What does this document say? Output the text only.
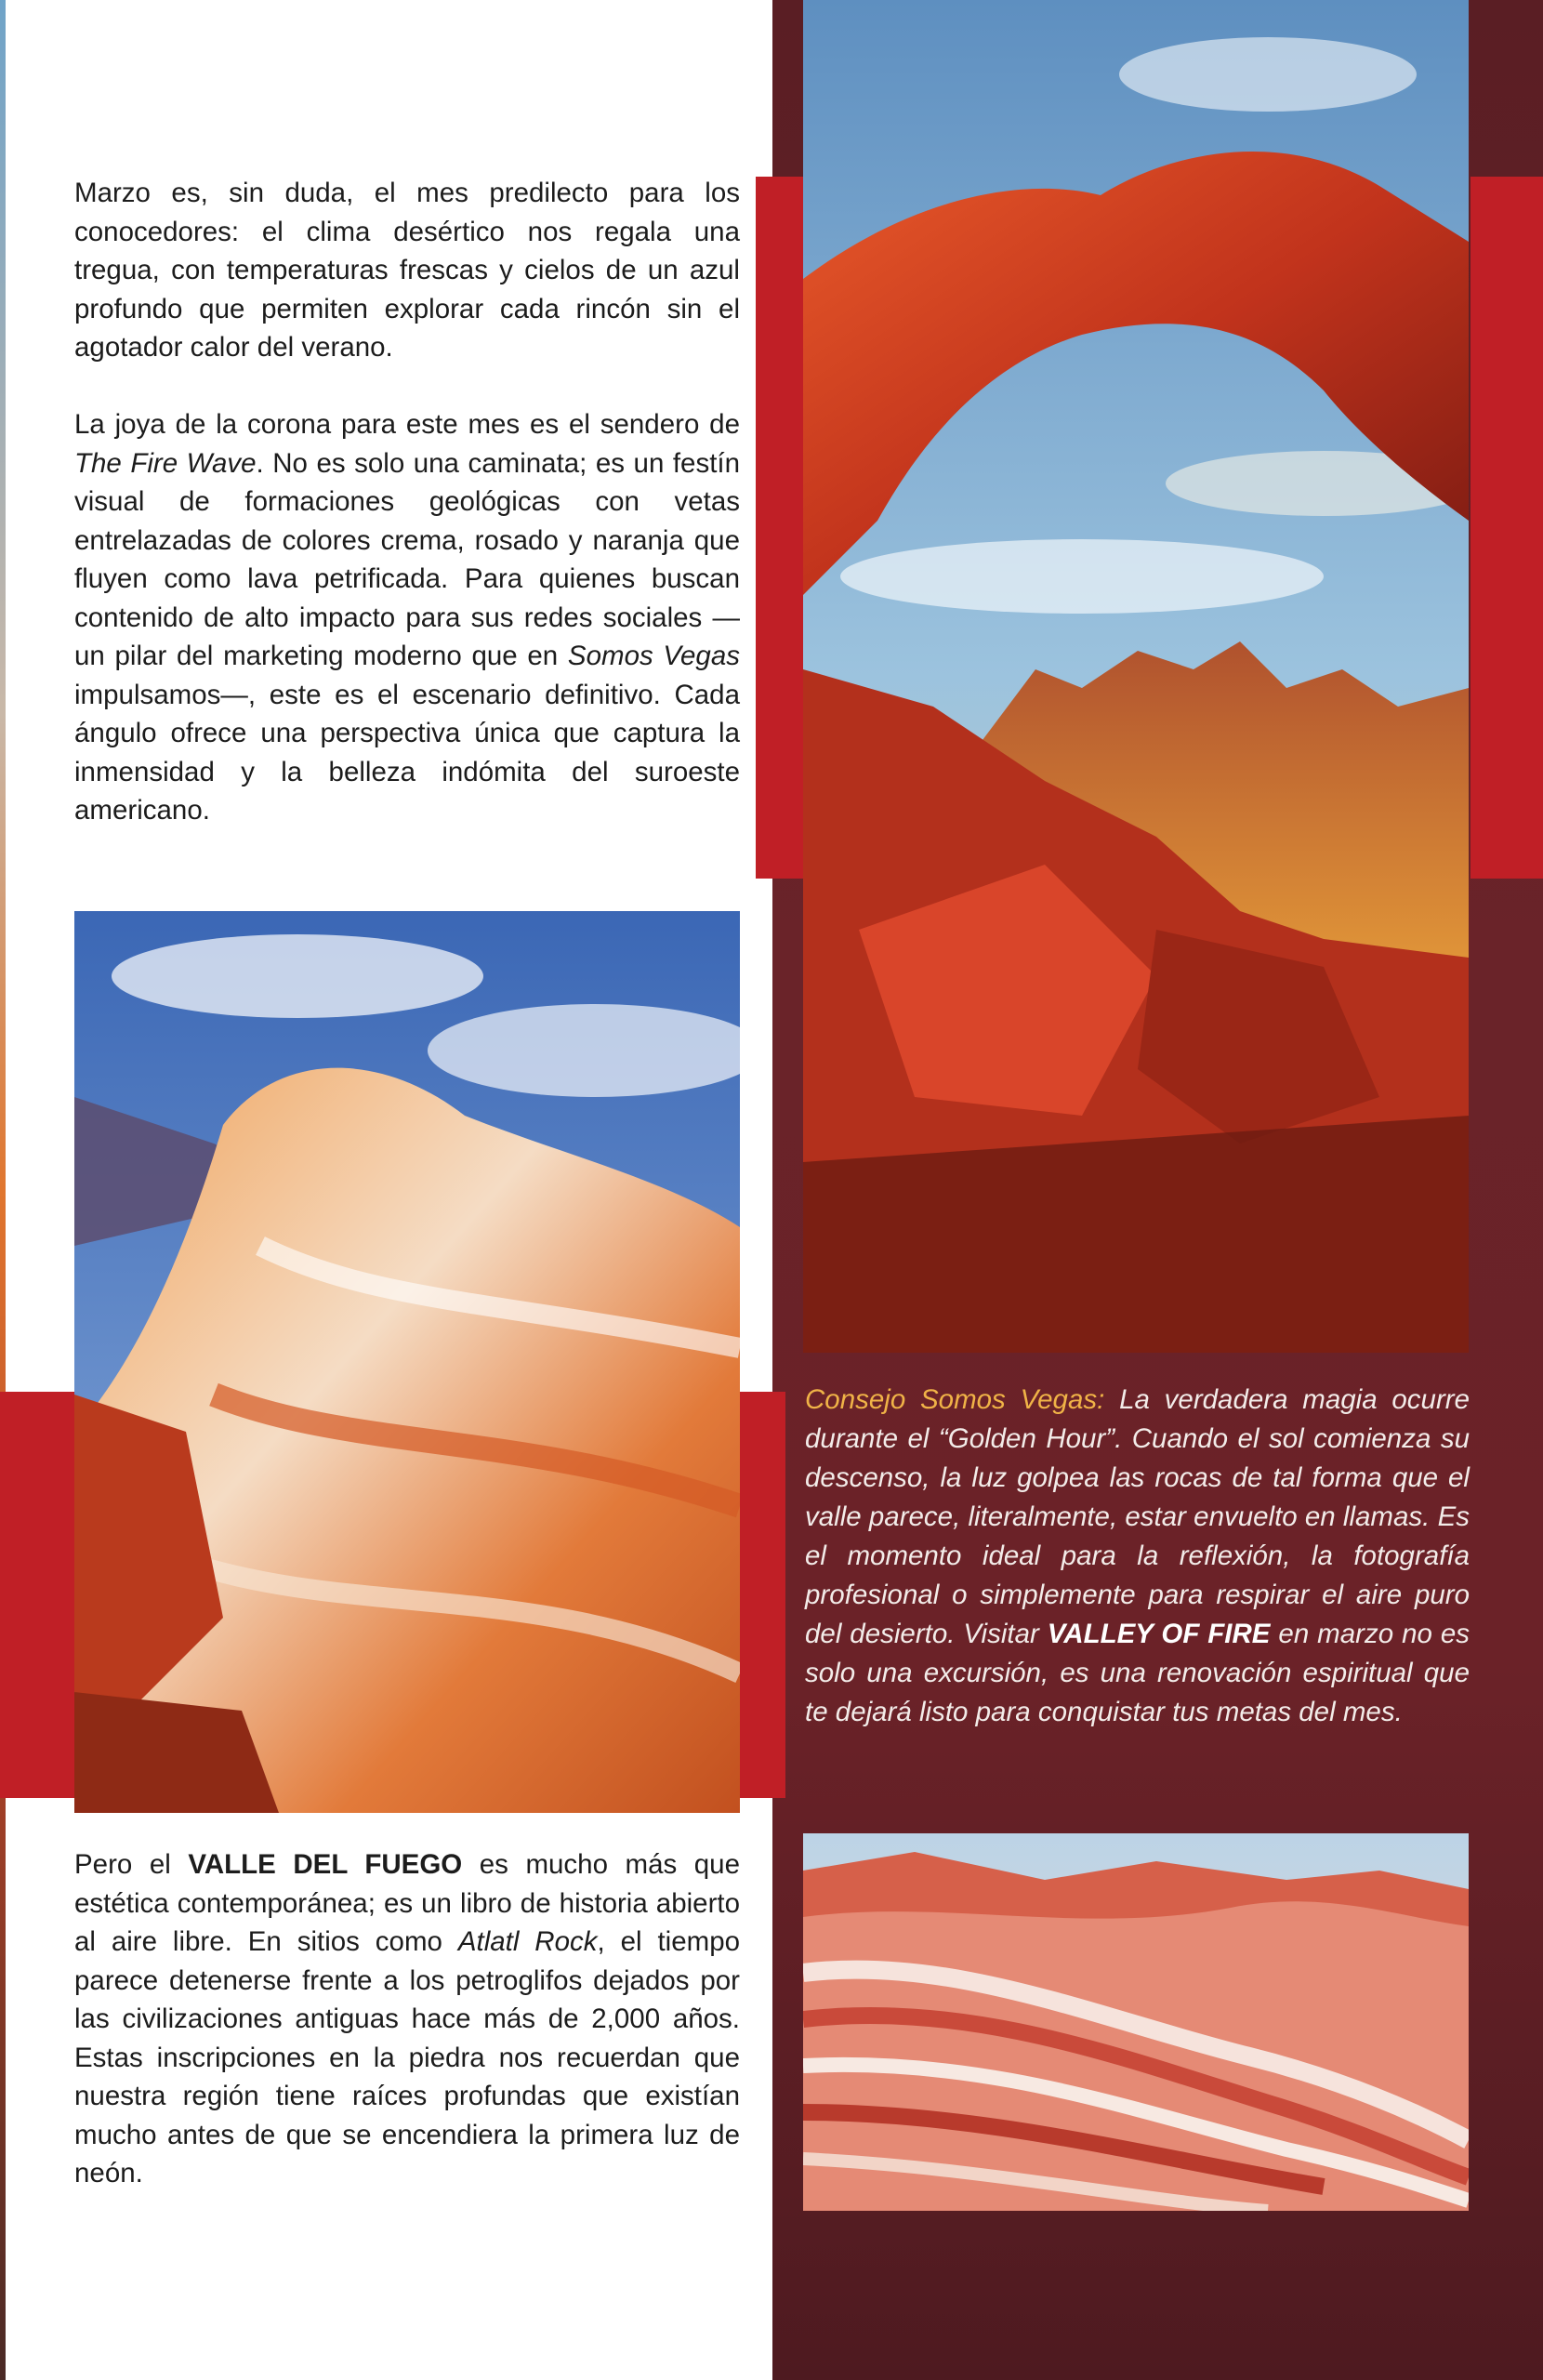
Marzo es, sin duda, el mes predilecto para los conocedores: el clima desértico nos regala una tregua, con temperaturas frescas y cielos de un azul profundo que permiten explorar cada rincón sin el agotador calor del verano.

La joya de la corona para este mes es el sendero de The Fire Wave. No es solo una caminata; es un festín visual de formaciones geológicas con vetas entrelazadas de colores crema, rosado y naranja que fluyen como lava petrificada. Para quienes buscan contenido de alto impacto para sus redes sociales —un pilar del marketing moderno que en Somos Vegas impulsamos—, este es el escenario definitivo. Cada ángulo ofrece una perspectiva única que captura la inmensidad y la belleza indómita del suroeste americano.

Consejo Somos Vegas: La verdadera magia ocurre durante el “Golden Hour”. Cuando el sol comienza su descenso, la luz golpea las rocas de tal forma que el valle parece, literalmente, estar envuelto en llamas. Es el momento ideal para la reflexión, la fotografía profesional o simplemente para respirar el aire puro del desierto. Visitar VALLEY OF FIRE en marzo no es solo una excursión, es una renovación espiritual que te dejará listo para conquistar tus metas del mes.

Pero el VALLE DEL FUEGO es mucho más que estética contemporánea; es un libro de historia abierto al aire libre. En sitios como Atlatl Rock, el tiempo parece detenerse frente a los petroglifos dejados por las civilizaciones antiguas hace más de 2,000 años. Estas inscripciones en la piedra nos recuerdan que nuestra región tiene raíces profundas que existían mucho antes de que se encendiera la primera luz de neón.
